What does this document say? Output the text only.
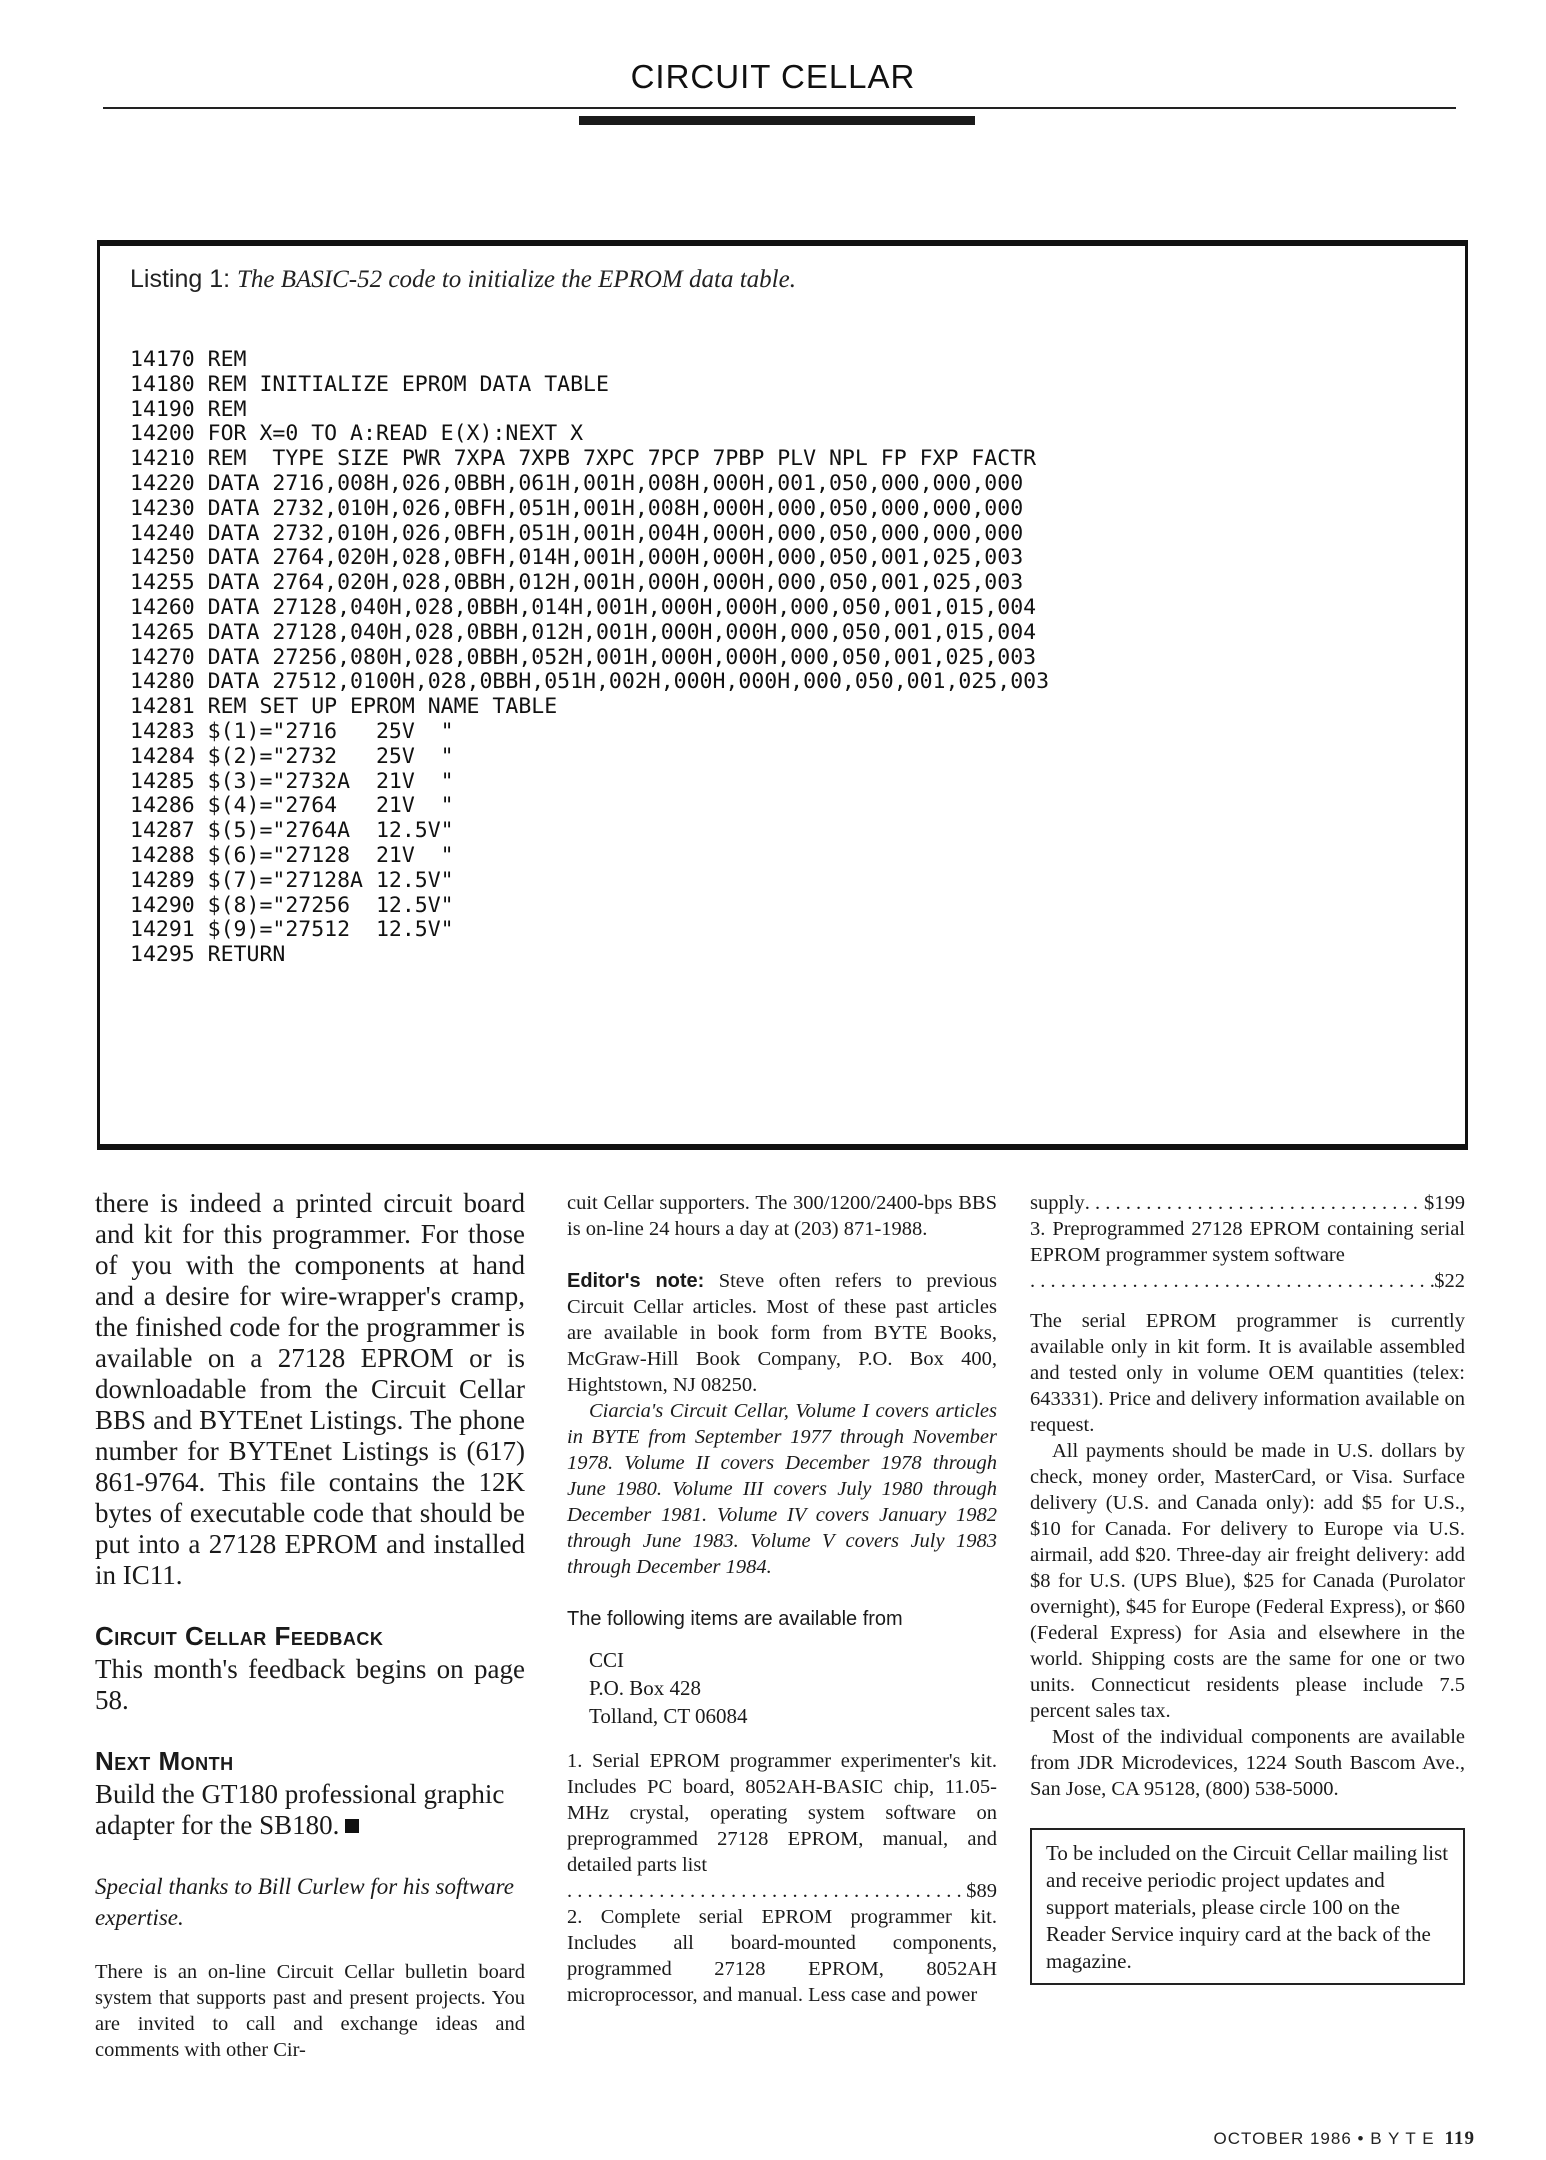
CIRCUIT CELLAR
Listing 1: The BASIC-52 code to initialize the EPROM data table.
14170 REM
14180 REM INITIALIZE EPROM DATA TABLE
14190 REM
14200 FOR X=0 TO A:READ E(X):NEXT X
14210 REM  TYPE SIZE PWR 7XPA 7XPB 7XPC 7PCP 7PBP PLV NPL FP FXP FACTR
14220 DATA 2716,008H,026,0BBH,061H,001H,008H,000H,001,050,000,000,000
14230 DATA 2732,010H,026,0BFH,051H,001H,008H,000H,000,050,000,000,000
14240 DATA 2732,010H,026,0BFH,051H,001H,004H,000H,000,050,000,000,000
14250 DATA 2764,020H,028,0BFH,014H,001H,000H,000H,000,050,001,025,003
14255 DATA 2764,020H,028,0BBH,012H,001H,000H,000H,000,050,001,025,003
14260 DATA 27128,040H,028,0BBH,014H,001H,000H,000H,000,050,001,015,004
14265 DATA 27128,040H,028,0BBH,012H,001H,000H,000H,000,050,001,015,004
14270 DATA 27256,080H,028,0BBH,052H,001H,000H,000H,000,050,001,025,003
14280 DATA 27512,0100H,028,0BBH,051H,002H,000H,000H,000,050,001,025,003
14281 REM SET UP EPROM NAME TABLE
14283 $(1)="2716   25V  "
14284 $(2)="2732   25V  "
14285 $(3)="2732A  21V  "
14286 $(4)="2764   21V  "
14287 $(5)="2764A  12.5V"
14288 $(6)="27128  21V  "
14289 $(7)="27128A 12.5V"
14290 $(8)="27256  12.5V"
14291 $(9)="27512  12.5V"
14295 RETURN

there is indeed a printed circuit board and kit for this programmer. For those of you with the components at hand and a desire for wire-wrapper's cramp, the finished code for the programmer is available on a 27128 EPROM or is downloadable from the Circuit Cellar BBS and BYTEnet Listings. The phone number for BYTEnet Listings is (617) 861-9764. This file contains the 12K bytes of executable code that should be put into a 27128 EPROM and installed in IC11.

Circuit Cellar Feedback

This month's feedback begins on page 58.

Next Month

Build the GT180 professional graphic adapter for the SB180.

Special thanks to Bill Curlew for his software expertise.

There is an on-line Circuit Cellar bulletin board system that supports past and present projects. You are invited to call and exchange ideas and comments with other Cir-

cuit Cellar supporters. The 300/1200/2400-bps BBS is on-line 24 hours a day at (203) 871-1988.

Editor's note: Steve often refers to previous Circuit Cellar articles. Most of these past articles are available in book form from BYTE Books, McGraw-Hill Book Company, P.O. Box 400, Hightstown, NJ 08250.

Ciarcia's Circuit Cellar, Volume I covers articles in BYTE from September 1977 through November 1978. Volume II covers December 1978 through June 1980. Volume III covers July 1980 through December 1981. Volume IV covers January 1982 through June 1983. Volume V covers July 1983 through December 1984.

The following items are available from

CCI
P.O. Box 428
Tolland, CT 06084

1. Serial EPROM programmer experimenter's kit. Includes PC board, 8052AH-BASIC chip, 11.05-MHz crystal, operating system software on preprogrammed 27128 EPROM, manual, and detailed parts list

. . .
$89

2. Complete serial EPROM programmer kit. Includes all board-mounted components, programmed 27128 EPROM, 8052AH microprocessor, and manual. Less case and power

supply
. . .	$199

3. Preprogrammed 27128 EPROM containing serial EPROM programmer system software

. . .
$22

The serial EPROM programmer is currently available only in kit form. It is available assembled and tested only in volume OEM quantities (telex: 643331). Price and delivery information available on request.

All payments should be made in U.S. dollars by check, money order, MasterCard, or Visa. Surface delivery (U.S. and Canada only): add $5 for U.S., $10 for Canada. For delivery to Europe via U.S. airmail, add $20. Three-day air freight delivery: add $8 for U.S. (UPS Blue), $25 for Canada (Purolator overnight), $45 for Europe (Federal Express), or $60 (Federal Express) for Asia and elsewhere in the world. Shipping costs are the same for one or two units. Connecticut residents please include 7.5 percent sales tax.

Most of the individual components are available from JDR Microdevices, 1224 South Bascom Ave., San Jose, CA 95128, (800) 538-5000.

To be included on the Circuit Cellar mailing list and receive periodic project updates and support materials, please circle 100 on the Reader Service inquiry card at the back of the magazine.
OCTOBER 1986 • B Y T E 119
